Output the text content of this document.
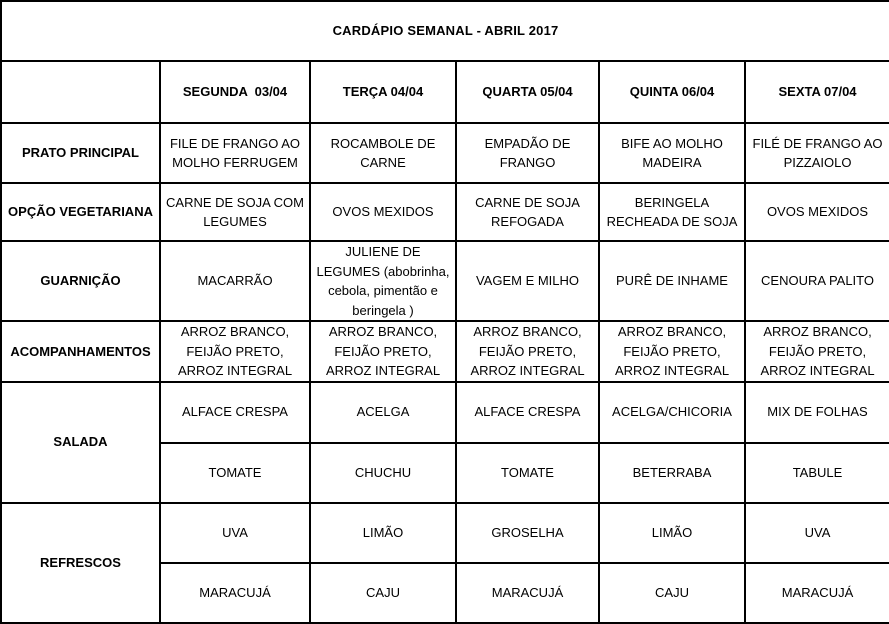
CARDÁPIO SEMANAL - ABRIL 2017					
	SEGUNDA  03/04	TERÇA 04/04	QUARTA 05/04	QUINTA 06/04	SEXTA 07/04
PRATO PRINCIPAL	FILE DE FRANGO AO MOLHO FERRUGEM	ROCAMBOLE DE CARNE	EMPADÃO DE FRANGO	BIFE AO MOLHO MADEIRA	FILÉ DE FRANGO AO PIZZAIOLO
OPÇÃO VEGETARIANA	CARNE DE SOJA COM LEGUMES	OVOS MEXIDOS	CARNE DE SOJA REFOGADA	BERINGELA RECHEADA DE SOJA	OVOS MEXIDOS
GUARNIÇÃO	MACARRÃO	JULIENE DE LEGUMES (abobrinha, cebola, pimentão e beringela )	VAGEM E MILHO	PURÊ DE INHAME	CENOURA PALITO
ACOMPANHAMENTOS	ARROZ BRANCO, FEIJÃO PRETO, ARROZ INTEGRAL	ARROZ BRANCO, FEIJÃO PRETO, ARROZ INTEGRAL	ARROZ BRANCO, FEIJÃO PRETO, ARROZ INTEGRAL	ARROZ BRANCO, FEIJÃO PRETO, ARROZ INTEGRAL	ARROZ BRANCO, FEIJÃO PRETO, ARROZ INTEGRAL
SALADA	ALFACE CRESPA	ACELGA	ALFACE CRESPA	ACELGA/CHICORIA	MIX DE FOLHAS
	TOMATE	CHUCHU	TOMATE	BETERRABA	TABULE
REFRESCOS	UVA	LIMÃO	GROSELHA	LIMÃO	UVA
	MARACUJÁ	CAJU	MARACUJÁ	CAJU	MARACUJÁ
